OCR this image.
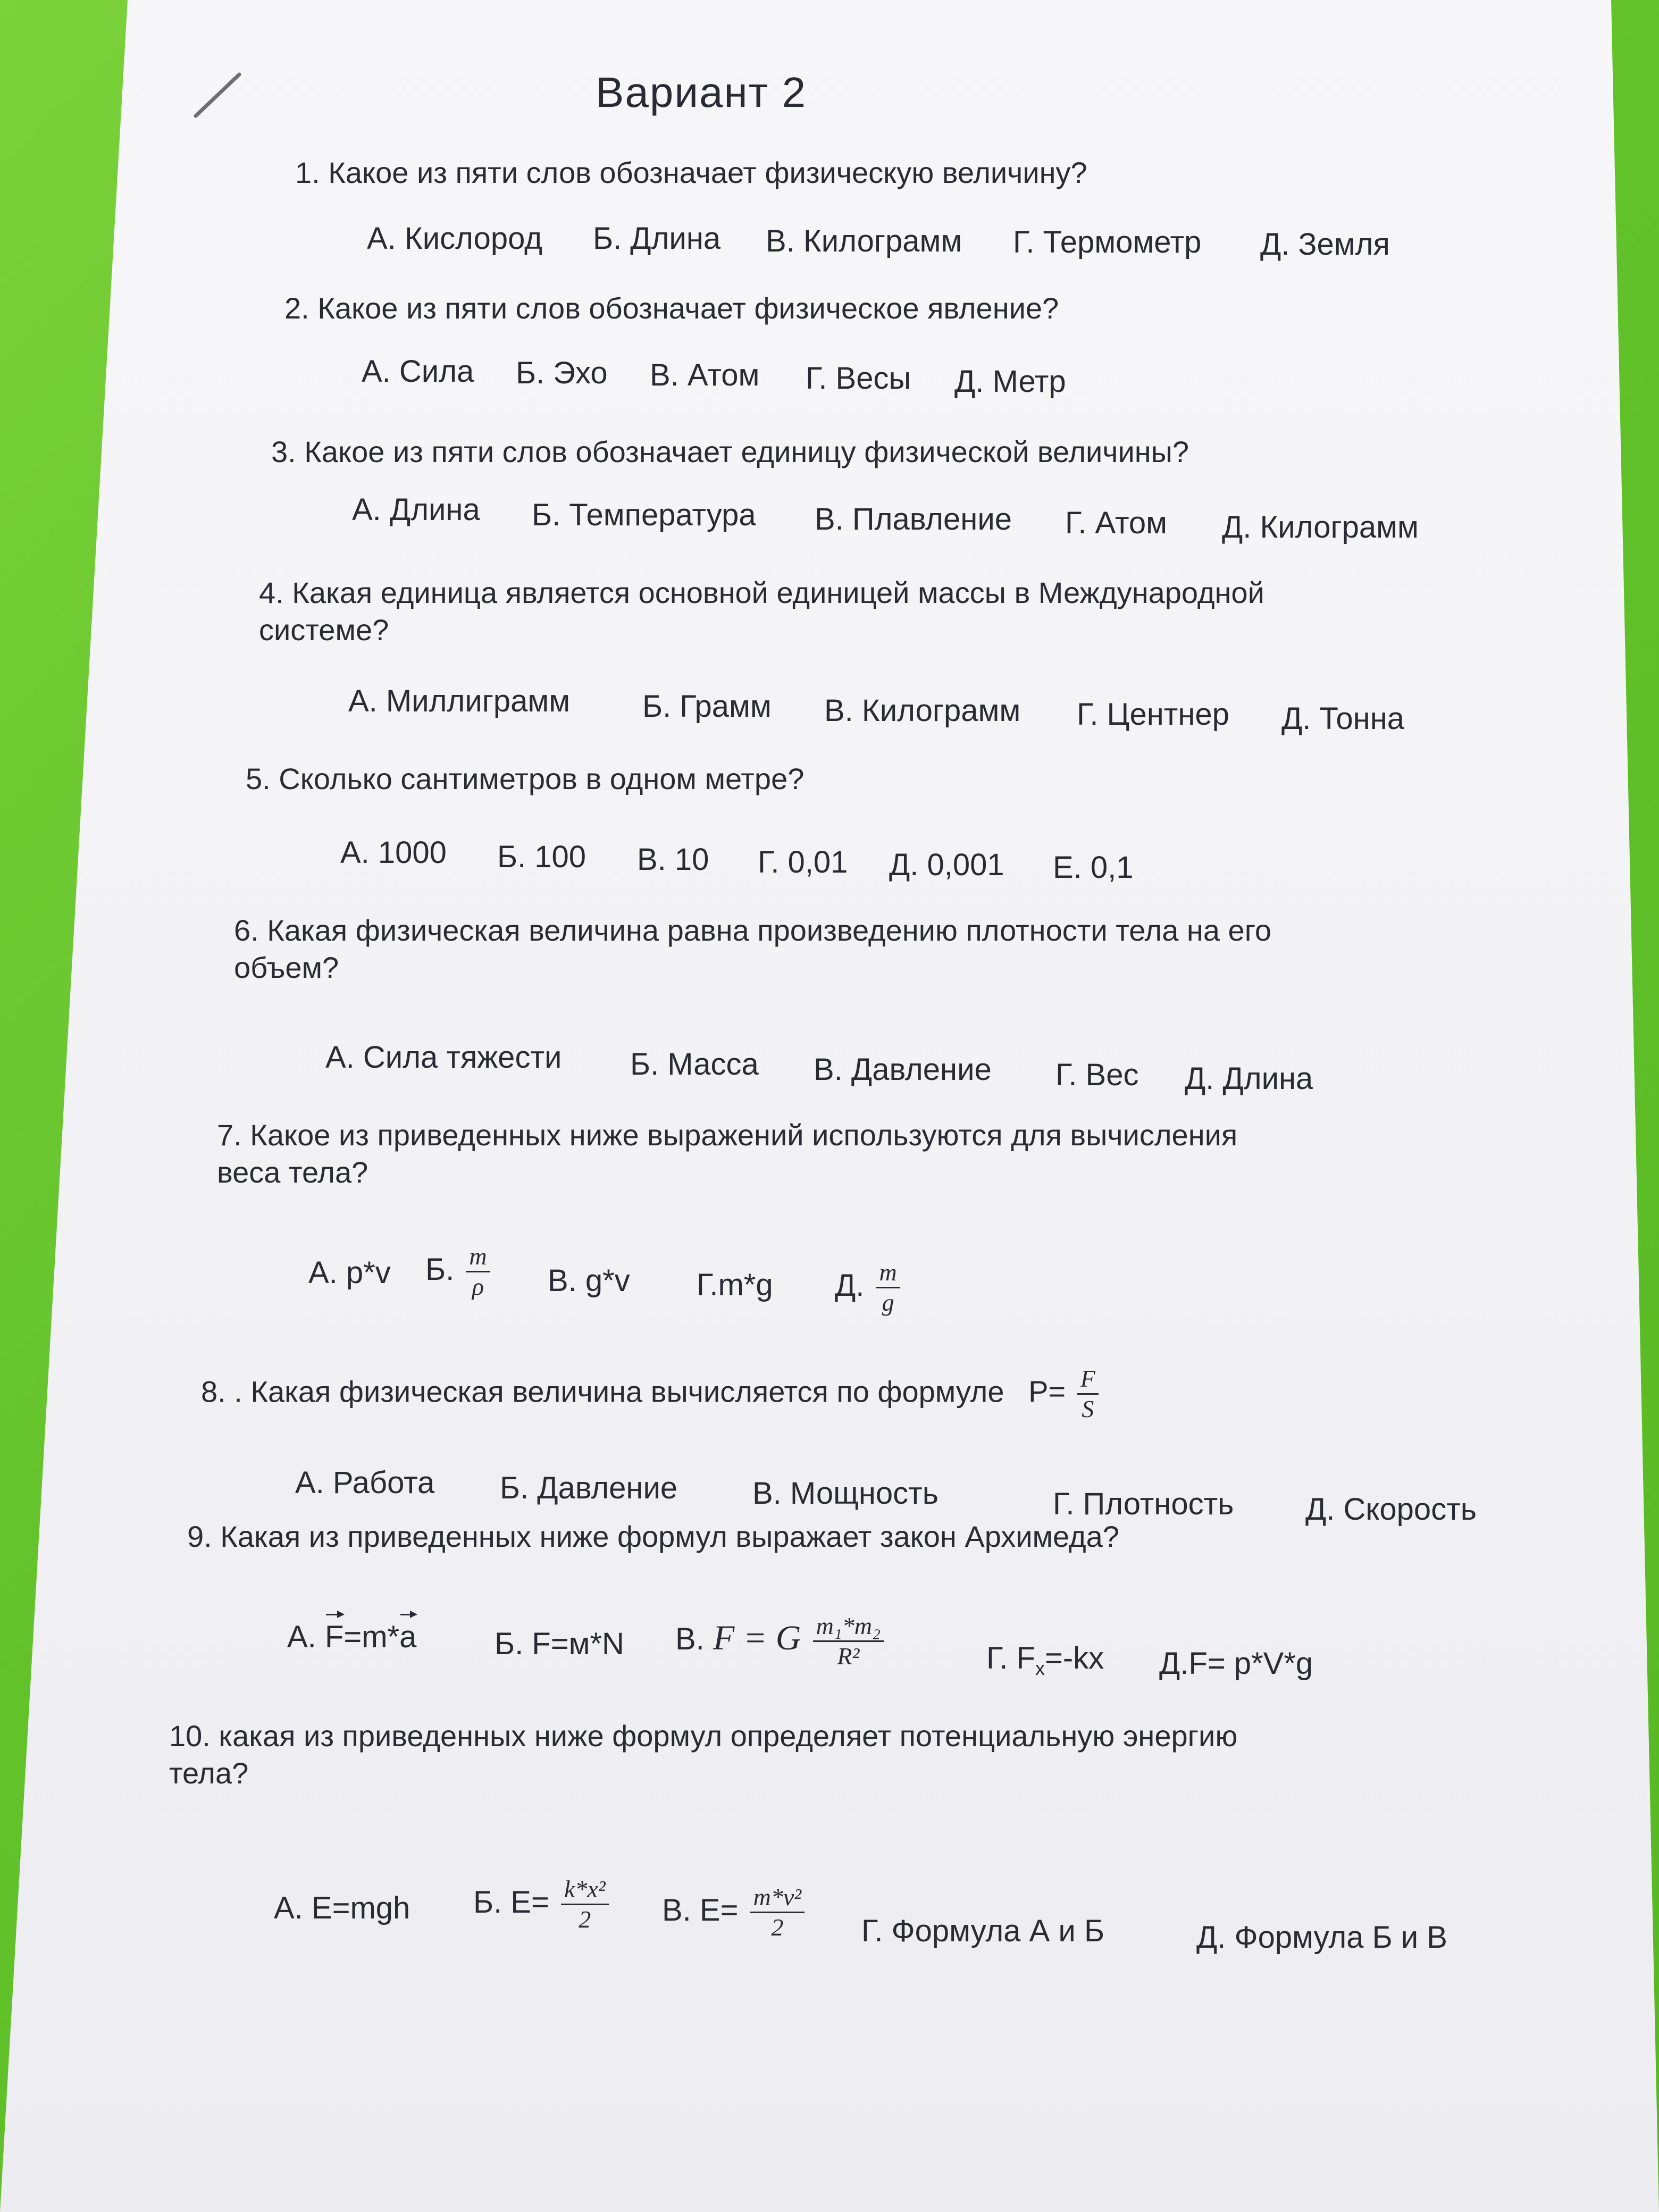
Вариант 2
1. Какое из пяти слов обозначает физическую величину?
А. Кислород Б. Длина В. Килограмм Г. Термометр Д. Земля
2. Какое из пяти слов обозначает физическое явление?
А. Сила Б. Эхо В. Атом Г. Весы Д. Метр
3. Какое из пяти слов обозначает единицу физической величины?
А. Длина Б. Температура В. Плавление Г. Атом Д. Килограмм
4. Какая единица является основной единицей массы в Международной
системе?
А. Миллиграмм Б. Грамм В. Килограмм Г. Центнер Д. Тонна
5. Сколько сантиметров в одном метре?
А. 1000 Б. 100 В. 10 Г. 0,01 Д. 0,001 Е. 0,1
6. Какая физическая величина равна произведению плотности тела на его
объем?
А. Сила тяжести Б. Масса В. Давление Г. Вес Д. Длина
7. Какое из приведенных ниже выражений используются для вычисления
веса тела?
А. p*v Б. $\frac{m}{\rho} В$. g*v Г.m*g Д. $\frac{m}{g}$
8. . Какая физическая величина вычисляется по формуле $P= \frac{F}{S}$
А. Работа Б. Давление В. Мощность	Г. Плотность Д. Скорость
9. Какая из приведенных ниже формул выражает закон Архимеда?
А. F=m*a	Б. F=м*N В. F = G $\frac{\text{m₁*m₂}}{\text{R²}}$	Г. $F_x=-kx$ Д.F= p*V*g
10. какая из приведенных ниже формул определяет потенциальную энергию
тела?
А. E=mgh Б. $E= \frac{\text{k*x²}}{2} В$. $E= \frac{\text{m*v²}}{2} Г$. Формула А и Б	Д. Формула Б и В
